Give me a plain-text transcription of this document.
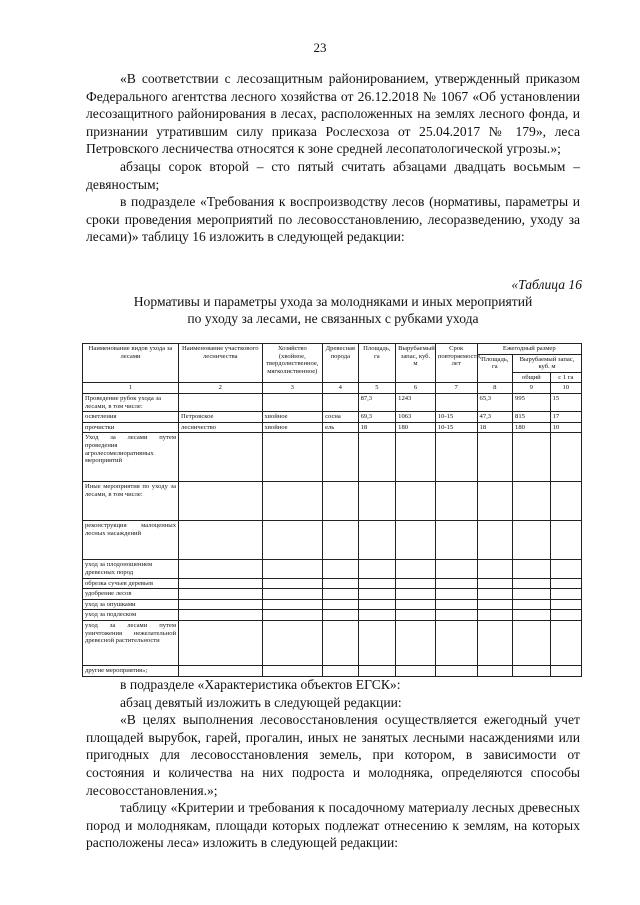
23

«В соответствии с лесозащитным районированием, утвержденный приказом Федерального агентства лесного хозяйства от 26.12.2018 № 1067 «Об установлении лесозащитного районирования в лесах, расположенных на землях лесного фонда, и признании утратившим силу приказа Рослесхоза от 25.04.2017 № 179», леса Петровского лесничества относятся к зоне средней лесопатологической угрозы.»;

абзацы сорок второй – сто пятый считать абзацами двадцать восьмым – девяностым;

в подразделе «Требования к воспроизводству лесов (нормативы, параметры и сроки проведения мероприятий по лесовосстановлению, лесоразведению, уходу за лесами)» таблицу 16 изложить в следующей редакции:

«Таблица 16
Нормативы и параметры ухода за молодняками и иных мероприятий
по уходу за лесами, не связанных с рубками ухода
Наименование видов ухода за лесами	Наименование участкового лесничества	Хозяйство (хвойное, твердолиственное, мягколиственное)	Древесная порода	Площадь, га	Вырубаемый запас, куб. м	Срок повторяемости, лет	Ежегодный размер		
							Площадь, га	Вырубаемый запас, куб. м	
								общий	с 1 га
1	2	3	4	5	6	7	8	9	10
Проведение рубок ухода за лесами, в том числе:				87,3	1243		65,3	995	15
осветления	Петровское	хвойное	сосна	69,3	1063	10-15	47,3	815	17
прочистки	лесничество	хвойное	ель	18	180	10-15	18	180	10
Уход за лесами путем проведения агролесомелиоративных мероприятий									
Иные мероприятия по уходу за лесами, в том числе:									
реконструкция малоценных лесных насаждений									
уход за плодоношением древесных пород									
обрезка сучьев деревьев									
удобрение лесов									
уход за опушками									
уход за подлеском									
уход за лесами путем уничтожения нежелательной древесной растительности									
другие мероприятия»;									

в подразделе «Характеристика объектов ЕГСК»:

абзац девятый изложить в следующей редакции:

«В целях выполнения лесовосстановления осуществляется ежегодный учет площадей вырубок, гарей, прогалин, иных не занятых лесными насаждениями или пригодных для лесовосстановления земель, при котором, в зависимости от состояния и количества на них подроста и молодняка, определяются способы лесовосстановления.»;

таблицу «Критерии и требования к посадочному материалу лесных древесных пород и молоднякам, площади которых подлежат отнесению к землям, на которых расположены леса» изложить в следующей редакции:
